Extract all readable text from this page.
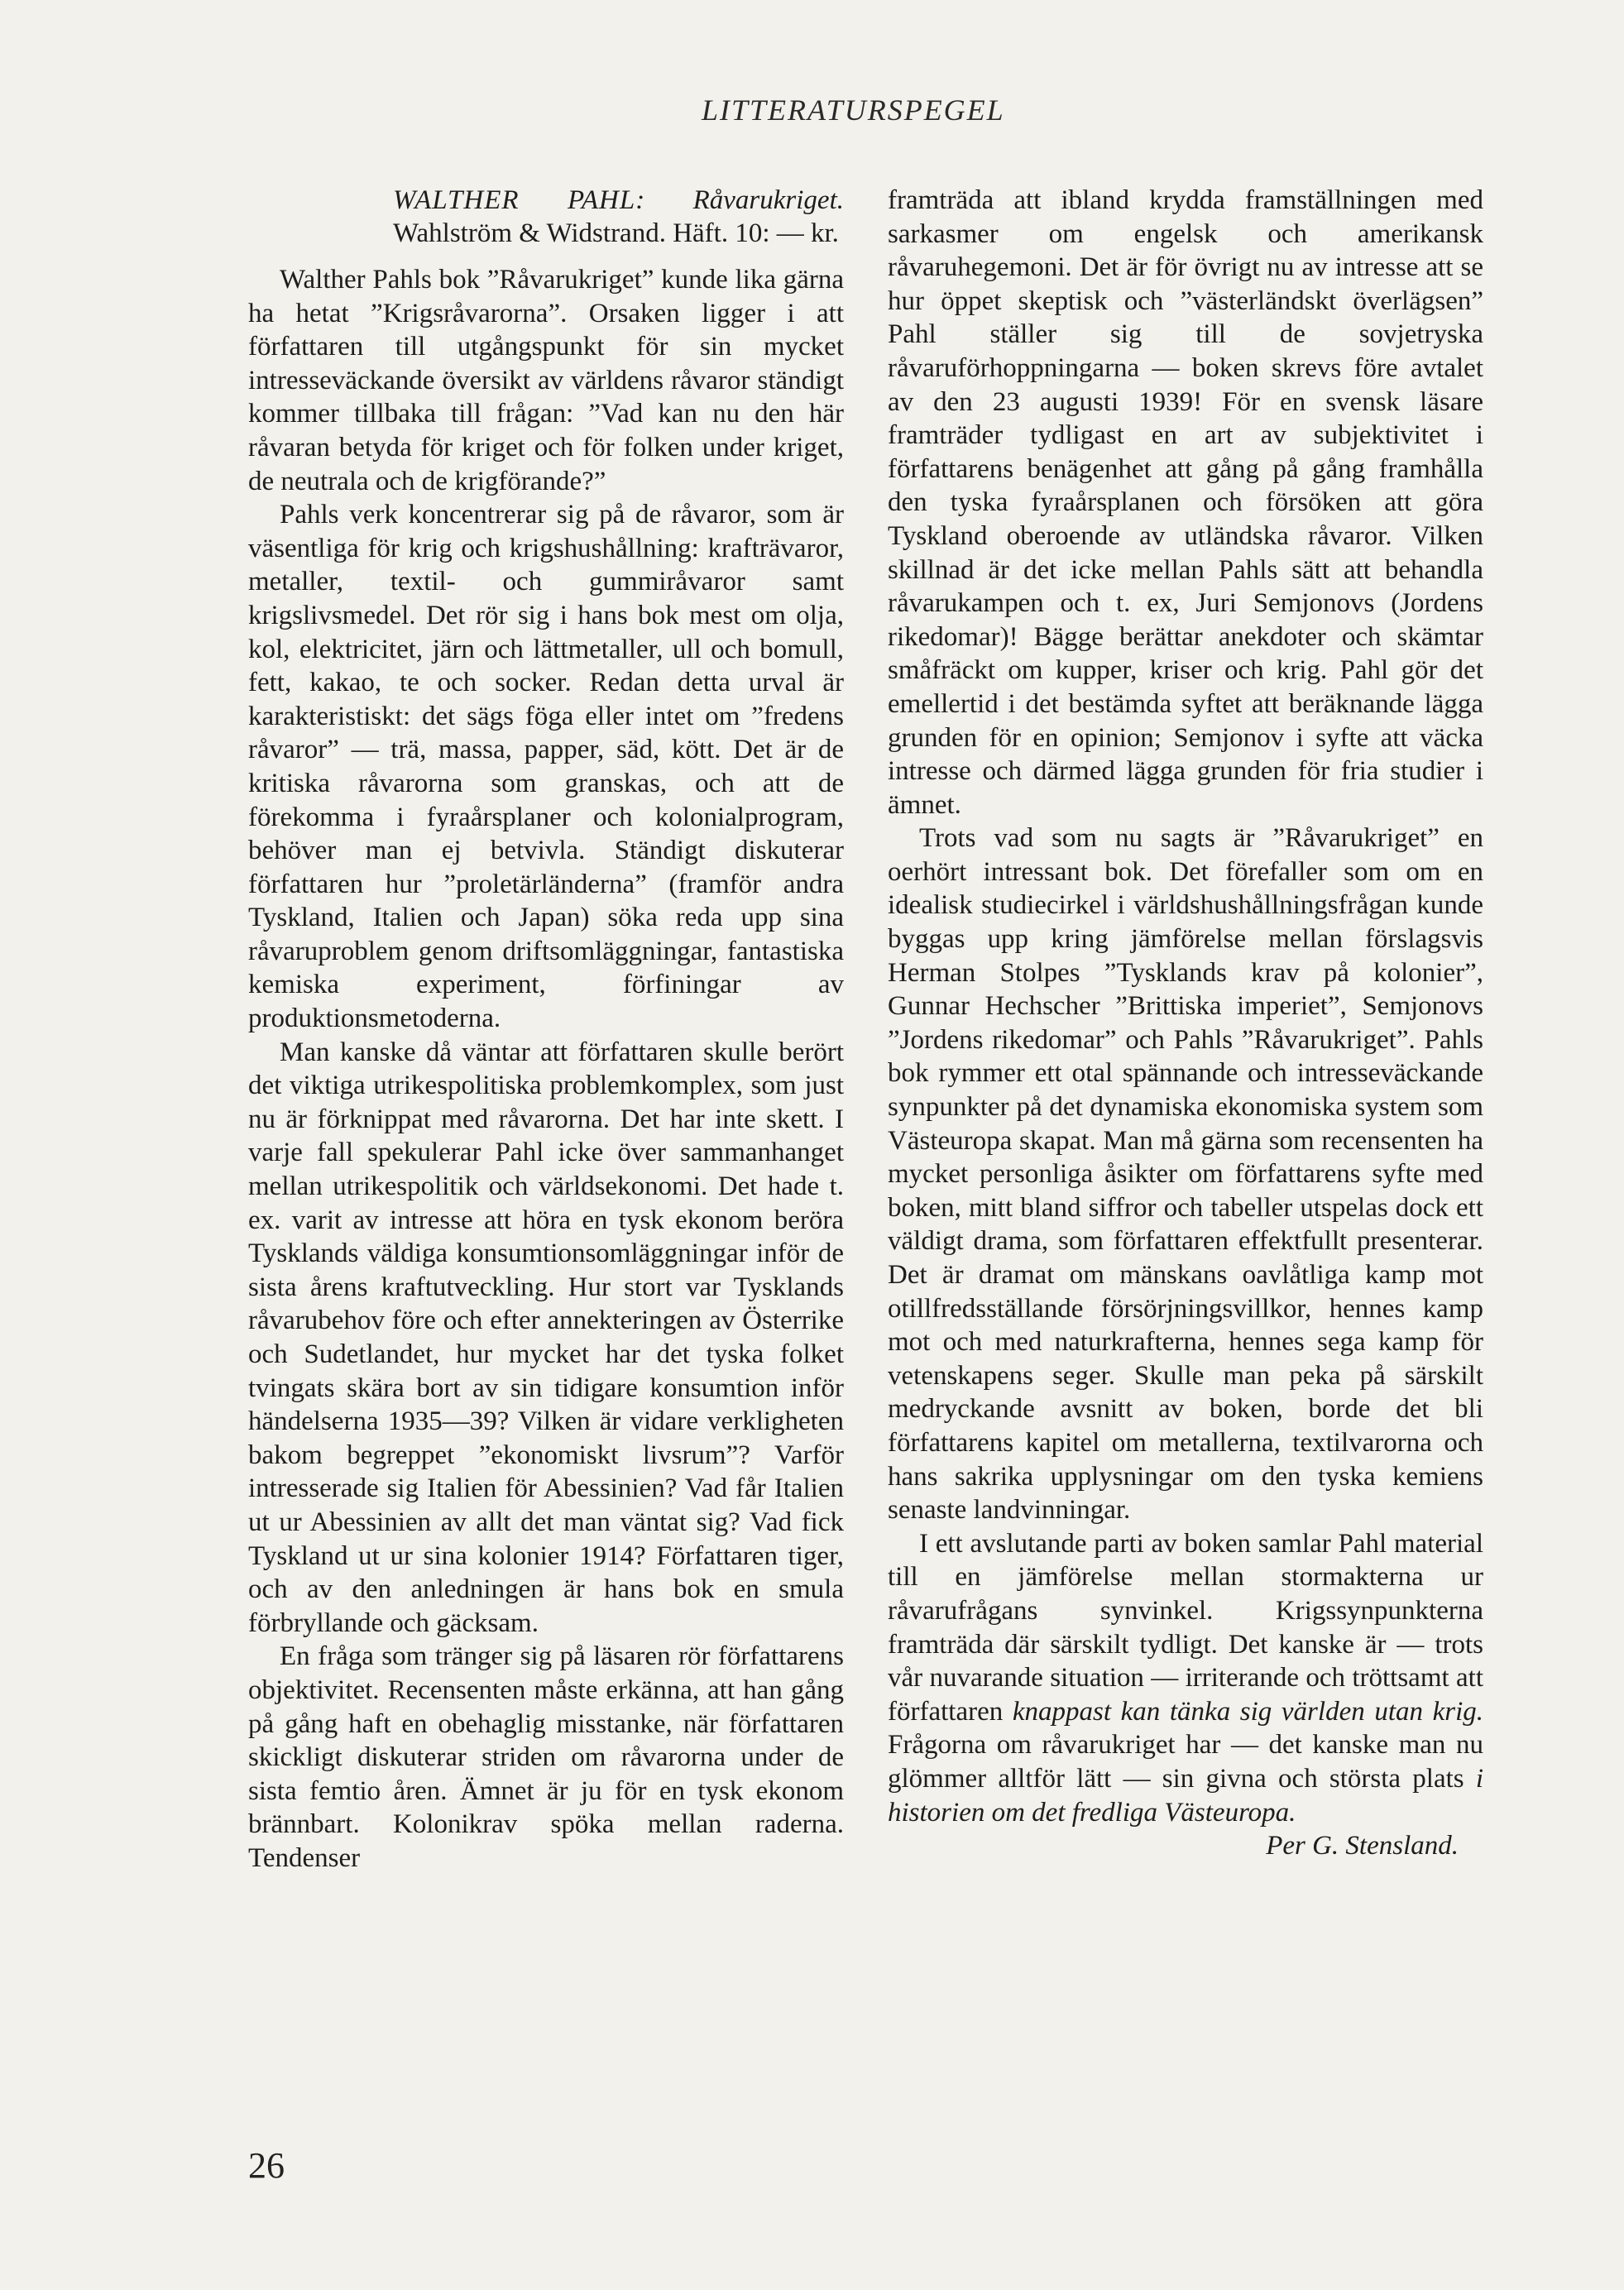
LITTERATURSPEGEL
WALTHER PAHL: Råvarukriget. Wahlström & Widstrand. Häft. 10: — kr.

Walther Pahls bok ”Råvarukriget” kunde lika gärna ha hetat ”Krigsråvarorna”. Orsaken ligger i att författaren till utgångspunkt för sin mycket intresseväckande översikt av världens råvaror ständigt kommer tillbaka till frågan: ”Vad kan nu den här råvaran betyda för kriget och för folken under kriget, de neutrala och de krigförande?”

Pahls verk koncentrerar sig på de råvaror, som är väsentliga för krig och krigshushållning: krafträvaror, metaller, textil- och gummiråvaror samt krigslivsmedel. Det rör sig i hans bok mest om olja, kol, elektricitet, järn och lättmetaller, ull och bomull, fett, kakao, te och socker. Redan detta urval är karakteristiskt: det sägs föga eller intet om ”fredens råvaror” — trä, massa, papper, säd, kött. Det är de kritiska råvarorna som granskas, och att de förekomma i fyraårsplaner och kolonialprogram, behöver man ej betvivla. Ständigt diskuterar författaren hur ”proletärländerna” (framför andra Tyskland, Italien och Japan) söka reda upp sina råvaruproblem genom driftsomläggningar, fantastiska kemiska experiment, förfiningar av produktionsmetoderna.

Man kanske då väntar att författaren skulle berört det viktiga utrikespolitiska problemkomplex, som just nu är förknippat med råvarorna. Det har inte skett. I varje fall spekulerar Pahl icke över sammanhanget mellan utrikespolitik och världsekonomi. Det hade t. ex. varit av intresse att höra en tysk ekonom beröra Tysklands väldiga konsumtionsomläggningar inför de sista årens kraftutveckling. Hur stort var Tysklands råvarubehov före och efter annekteringen av Österrike och Sudetlandet, hur mycket har det tyska folket tvingats skära bort av sin tidigare konsumtion inför händelserna 1935—39? Vilken är vidare verkligheten bakom begreppet ”ekonomiskt livsrum”? Varför intresserade sig Italien för Abessinien? Vad får Italien ut ur Abessinien av allt det man väntat sig? Vad fick Tyskland ut ur sina kolonier 1914? Författaren tiger, och av den anledningen är hans bok en smula förbryllande och gäcksam.

En fråga som tränger sig på läsaren rör författarens objektivitet. Recensenten måste erkänna, att han gång på gång haft en obehaglig misstanke, när författaren skickligt diskuterar striden om råvarorna under de sista femtio åren. Ämnet är ju för en tysk ekonom brännbart. Kolonikrav spöka mellan raderna. Tendenser

framträda att ibland krydda framställningen med sarkasmer om engelsk och amerikansk råvaruhegemoni. Det är för övrigt nu av intresse att se hur öppet skeptisk och ”västerländskt överlägsen” Pahl ställer sig till de sovjetryska råvaruförhoppningarna — boken skrevs före avtalet av den 23 augusti 1939! För en svensk läsare framträder tydligast en art av subjektivitet i författarens benägenhet att gång på gång framhålla den tyska fyraårsplanen och försöken att göra Tyskland oberoende av utländska råvaror. Vilken skillnad är det icke mellan Pahls sätt att behandla råvarukampen och t. ex, Juri Semjonovs (Jordens rikedomar)! Bägge berättar anekdoter och skämtar småfräckt om kupper, kriser och krig. Pahl gör det emellertid i det bestämda syftet att beräknande lägga grunden för en opinion; Semjonov i syfte att väcka intresse och därmed lägga grunden för fria studier i ämnet.

Trots vad som nu sagts är ”Råvarukriget” en oerhört intressant bok. Det förefaller som om en idealisk studiecirkel i världshushållningsfrågan kunde byggas upp kring jämförelse mellan förslagsvis Herman Stolpes ”Tysklands krav på kolonier”, Gunnar Hechscher ”Brittiska imperiet”, Semjonovs ”Jordens rikedomar” och Pahls ”Råvarukriget”. Pahls bok rymmer ett otal spännande och intresseväckande synpunkter på det dynamiska ekonomiska system som Västeuropa skapat. Man må gärna som recensenten ha mycket personliga åsikter om författarens syfte med boken, mitt bland siffror och tabeller utspelas dock ett väldigt drama, som författaren effektfullt presenterar. Det är dramat om mänskans oavlåtliga kamp mot otillfredsställande försörjningsvillkor, hennes kamp mot och med naturkrafterna, hennes sega kamp för vetenskapens seger. Skulle man peka på särskilt medryckande avsnitt av boken, borde det bli författarens kapitel om metallerna, textilvarorna och hans sakrika upplysningar om den tyska kemiens senaste landvinningar.

I ett avslutande parti av boken samlar Pahl material till en jämförelse mellan stormakterna ur råvarufrågans synvinkel. Krigssynpunkterna framträda där särskilt tydligt. Det kanske är — trots vår nuvarande situation — irriterande och tröttsamt att författaren knappast kan tänka sig världen utan krig. Frågorna om råvarukriget har — det kanske man nu glömmer alltför lätt — sin givna och största plats i historien om det fredliga Västeuropa.

Per G. Stensland.

26
